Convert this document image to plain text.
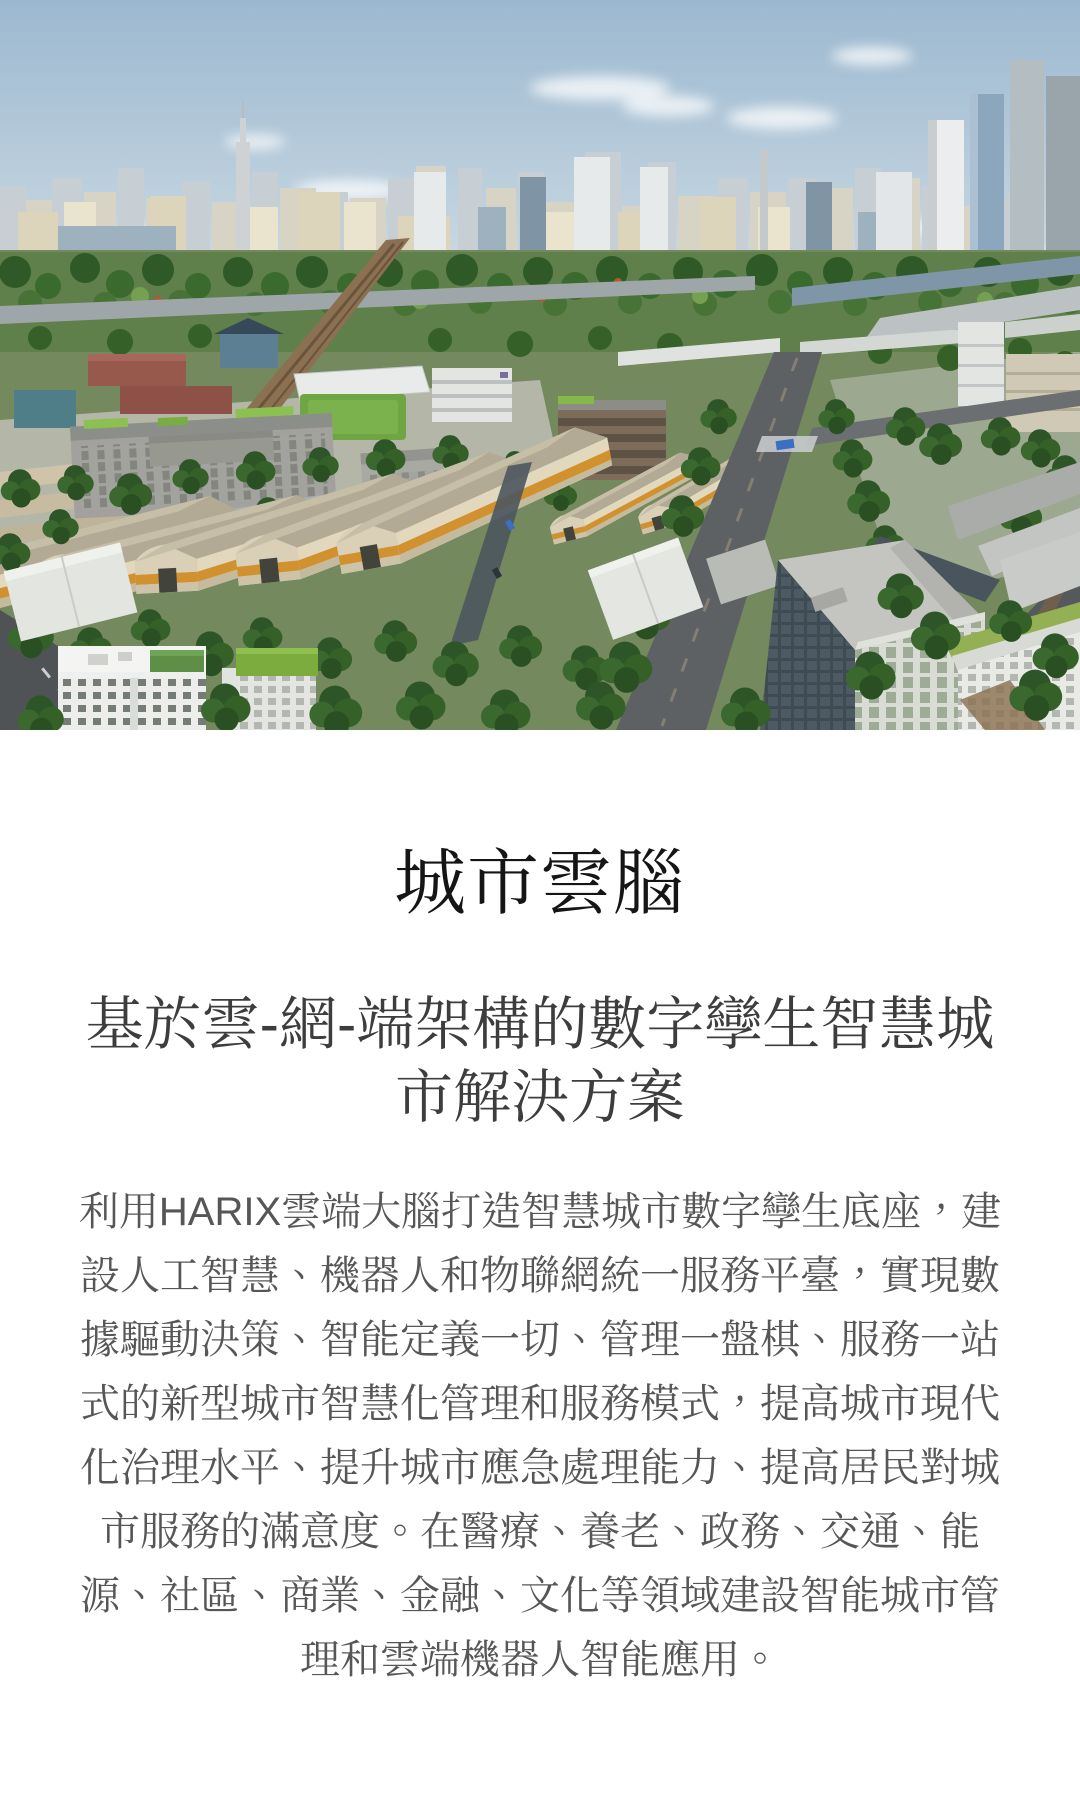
城市雲腦
基於雲-網-端架構的數字孿生智慧城市解決方案

利用HARIX雲端大腦打造智慧城市數字孿生底座，建設人工智慧、機器人和物聯網統一服務平臺，實現數據驅動決策、智能定義一切、管理一盤棋、服務一站式的新型城市智慧化管理和服務模式，提高城市現代化治理水平、提升城市應急處理能力、提高居民對城市服務的滿意度。在醫療、養老、政務、交通、能源、社區、商業、金融、文化等領域建設智能城市管理和雲端機器人智能應用。
